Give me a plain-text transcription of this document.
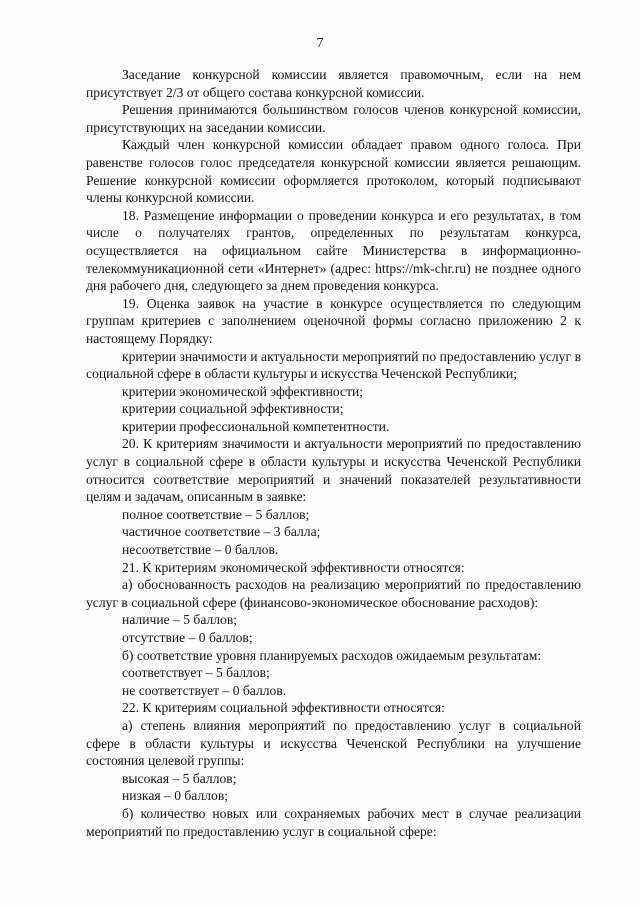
7

Заседание конкурсной комиссии является правомочным, если на нем присутствует 2/3 от общего состава конкурсной комиссии.

Решения принимаются большинством голосов членов конкурсной комиссии, присутствующих на заседании комиссии.

Каждый член конкурсной комиссии обладает правом одного голоса. При равенстве голосов голос председателя конкурсной комиссии является решающим. Решение конкурсной комиссии оформляется протоколом, который подписывают члены конкурсной комиссии.

18. Размещение информации о проведении конкурса и его результатах, в том числе о получателях грантов, определенных по результатам конкурса, осуществляется на официальном сайте Министерства в информационно-телекоммуникационной сети «Интернет» (адрес: https://mk-chr.ru) не позднее одного дня рабочего дня, следующего за днем проведения конкурса.

19. Оценка заявок на участие в конкурсе осуществляется по следующим группам критериев с заполнением оценочной формы согласно приложению 2 к настоящему Порядку:

критерии значимости и актуальности мероприятий по предоставлению услуг в социальной сфере в области культуры и искусства Чеченской Республики;

критерии экономической эффективности;

критерии социальной эффективности;

критерии профессиональной компетентности.

20. К критериям значимости и актуальности мероприятий по предоставлению услуг в социальной сфере в области культуры и искусства Чеченской Республики относится соответствие мероприятий и значений показателей результативности целям и задачам, описанным в заявке:

полное соответствие – 5 баллов;

частичное соответствие – 3 балла;

несоответствие – 0 баллов.

21. К критериям экономической эффективности относятся:

а) обоснованность расходов на реализацию мероприятий по предоставлению услуг в социальной сфере (финансово-экономическое обоснование расходов):

наличие – 5 баллов;

отсутствие – 0 баллов;

б) соответствие уровня планируемых расходов ожидаемым результатам:

соответствует – 5 баллов;

не соответствует – 0 баллов.

22. К критериям социальной эффективности относятся:

а) степень влияния мероприятий по предоставлению услуг в социальной сфере в области культуры и искусства Чеченской Республики на улучшение состояния целевой группы:

высокая – 5 баллов;

низкая – 0 баллов;

б) количество новых или сохраняемых рабочих мест в случае реализации мероприятий по предоставлению услуг в социальной сфере:
